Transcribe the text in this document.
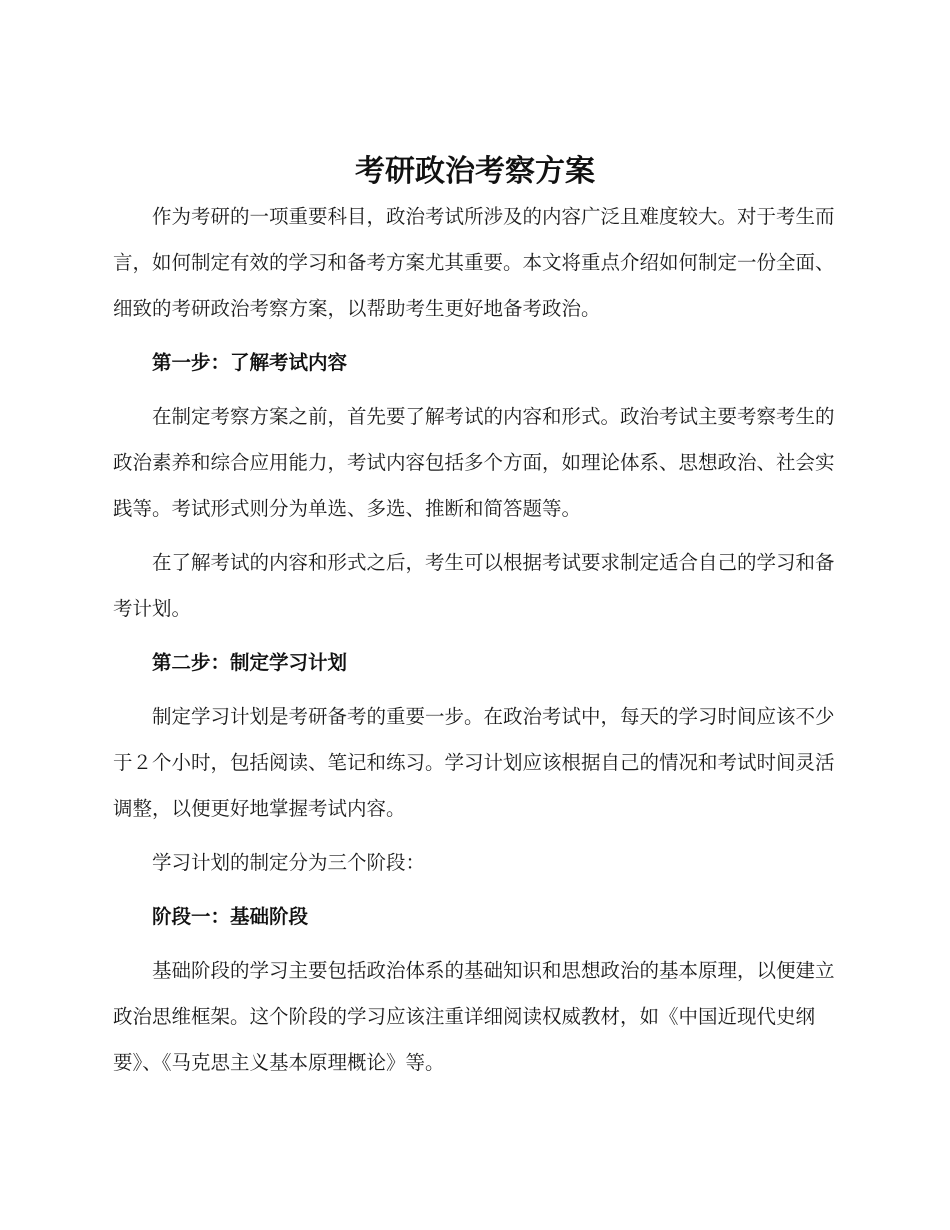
考研政治考察方案

作为考研的一项重要科目，政治考试所涉及的内容广泛且难度较大。对于考生而言，如何制定有效的学习和备考方案尤其重要。本文将重点介绍如何制定一份全面、细致的考研政治考察方案，以帮助考生更好地备考政治。

第一步：了解考试内容

在制定考察方案之前，首先要了解考试的内容和形式。政治考试主要考察考生的政治素养和综合应用能力，考试内容包括多个方面，如理论体系、思想政治、社会实践等。考试形式则分为单选、多选、推断和简答题等。

在了解考试的内容和形式之后，考生可以根据考试要求制定适合自己的学习和备考计划。

第二步：制定学习计划

制定学习计划是考研备考的重要一步。在政治考试中，每天的学习时间应该不少于２个小时，包括阅读、笔记和练习。学习计划应该根据自己的情况和考试时间灵活调整，以便更好地掌握考试内容。

学习计划的制定分为三个阶段：

阶段一：基础阶段

基础阶段的学习主要包括政治体系的基础知识和思想政治的基本原理，以便建立政治思维框架。这个阶段的学习应该注重详细阅读权威教材，如《中国近现代史纲要》、《马克思主义基本原理概论》等。
